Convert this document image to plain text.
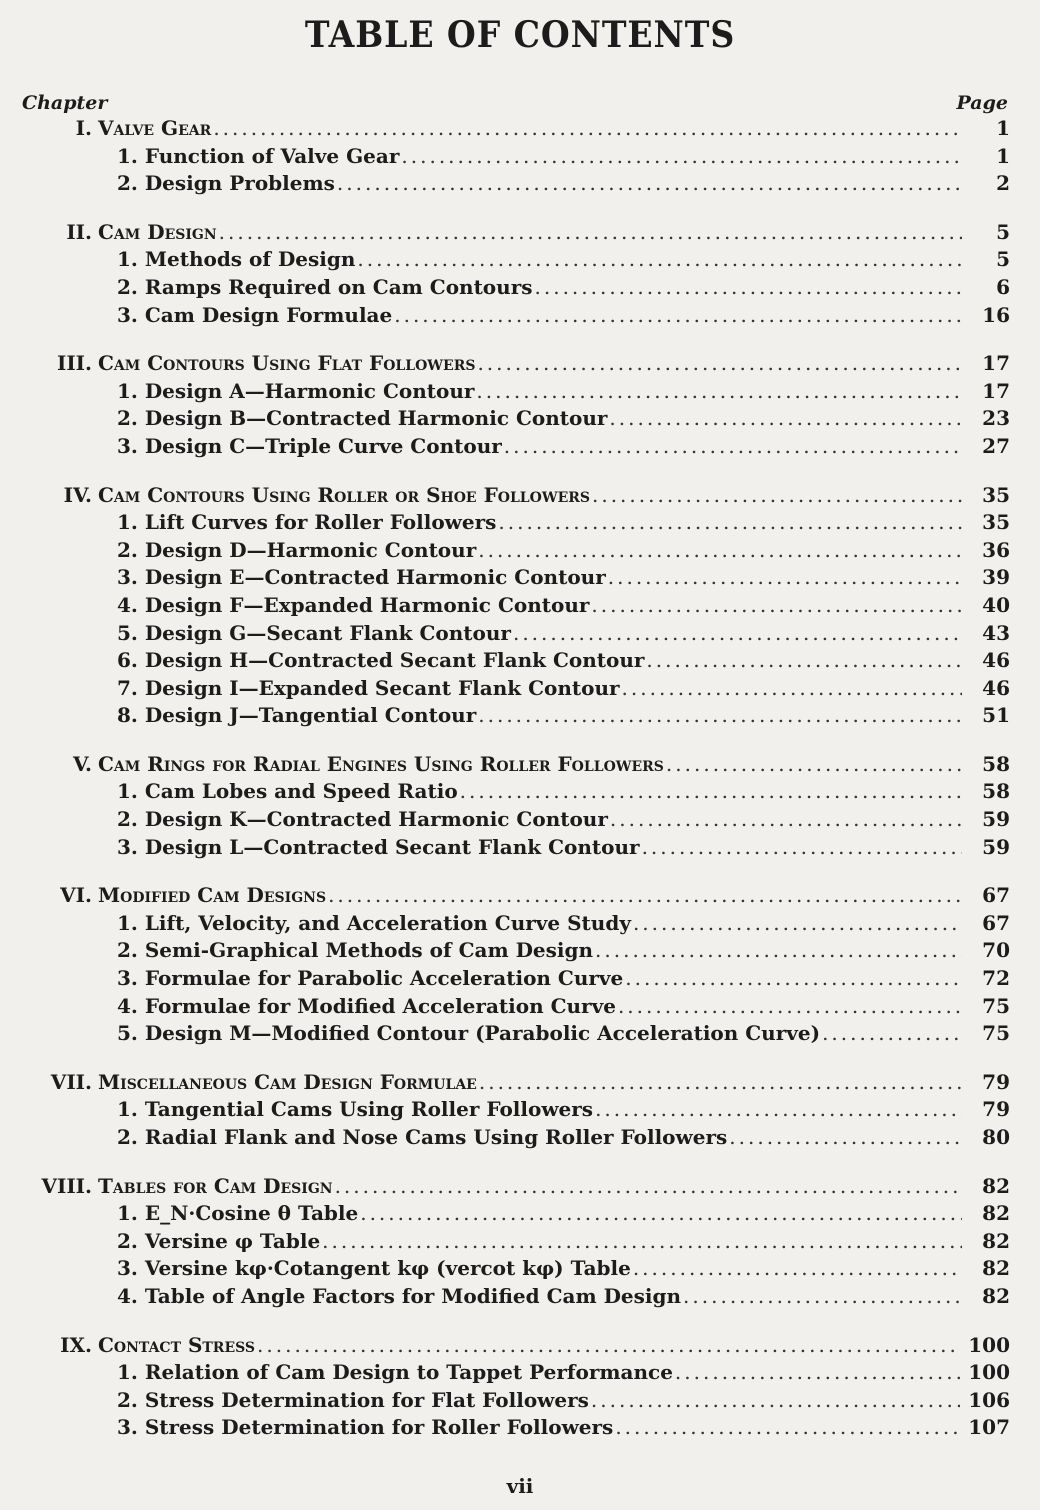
TABLE OF CONTENTS
Chapter	Page
I. Valve Gear .....	1
1. Function of Valve Gear .....	1
2. Design Problems .....	2
II. Cam Design .....	5
1. Methods of Design .....	5
2. Ramps Required on Cam Contours .....	6
3. Cam Design Formulae .....	16
III. Cam Contours Using Flat Followers .....	17
1. Design A—Harmonic Contour .....	17
2. Design B—Contracted Harmonic Contour .....	23
3. Design C—Triple Curve Contour .....	27
IV. Cam Contours Using Roller or Shoe Followers .....	35
1. Lift Curves for Roller Followers .....	35
2. Design D—Harmonic Contour .....	36
3. Design E—Contracted Harmonic Contour .....	39
4. Design F—Expanded Harmonic Contour .....	40
5. Design G—Secant Flank Contour .....	43
6. Design H—Contracted Secant Flank Contour .....	46
7. Design I—Expanded Secant Flank Contour .....	46
8. Design J—Tangential Contour .....	51
V. Cam Rings for Radial Engines Using Roller Followers .....	58
1. Cam Lobes and Speed Ratio .....	58
2. Design K—Contracted Harmonic Contour .....	59
3. Design L—Contracted Secant Flank Contour .....	59
VI. Modified Cam Designs .....	67
1. Lift, Velocity, and Acceleration Curve Study .....	67
2. Semi-Graphical Methods of Cam Design .....	70
3. Formulae for Parabolic Acceleration Curve .....	72
4. Formulae for Modified Acceleration Curve .....	75
5. Design M—Modified Contour (Parabolic Acceleration Curve) .....	75
VII. Miscellaneous Cam Design Formulae .....	79
1. Tangential Cams Using Roller Followers .....	79
2. Radial Flank and Nose Cams Using Roller Followers .....	80
VIII. Tables for Cam Design .....	82
1. E_N·Cosine θ Table .....	82
2. Versine φ Table .....	82
3. Versine kφ·Cotangent kφ (vercot kφ) Table .....	82
4. Table of Angle Factors for Modified Cam Design .....	82
IX. Contact Stress .....	100
1. Relation of Cam Design to Tappet Performance .....	100
2. Stress Determination for Flat Followers .....	106
3. Stress Determination for Roller Followers .....	107
vii
